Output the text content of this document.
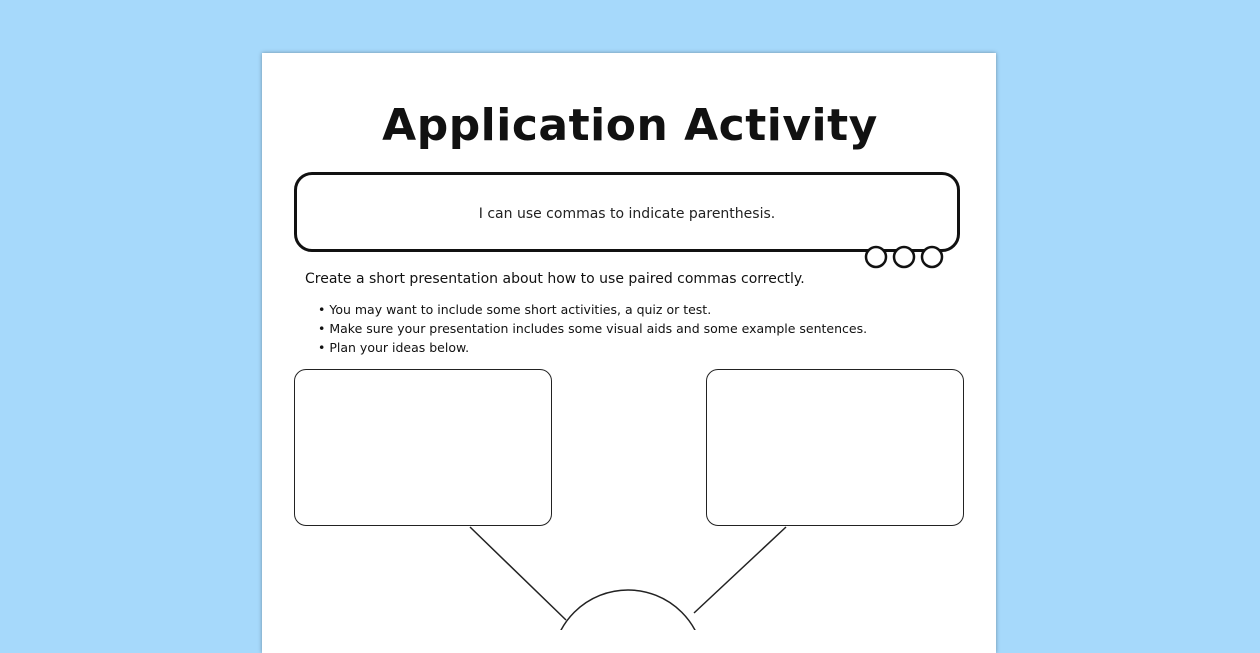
Application Activity
I can use commas to indicate parenthesis.
Create a short presentation about how to use paired commas correctly.
• You may want to include some short activities, a quiz or test.
• Make sure your presentation includes some visual aids and some example sentences.
• Plan your ideas below.
